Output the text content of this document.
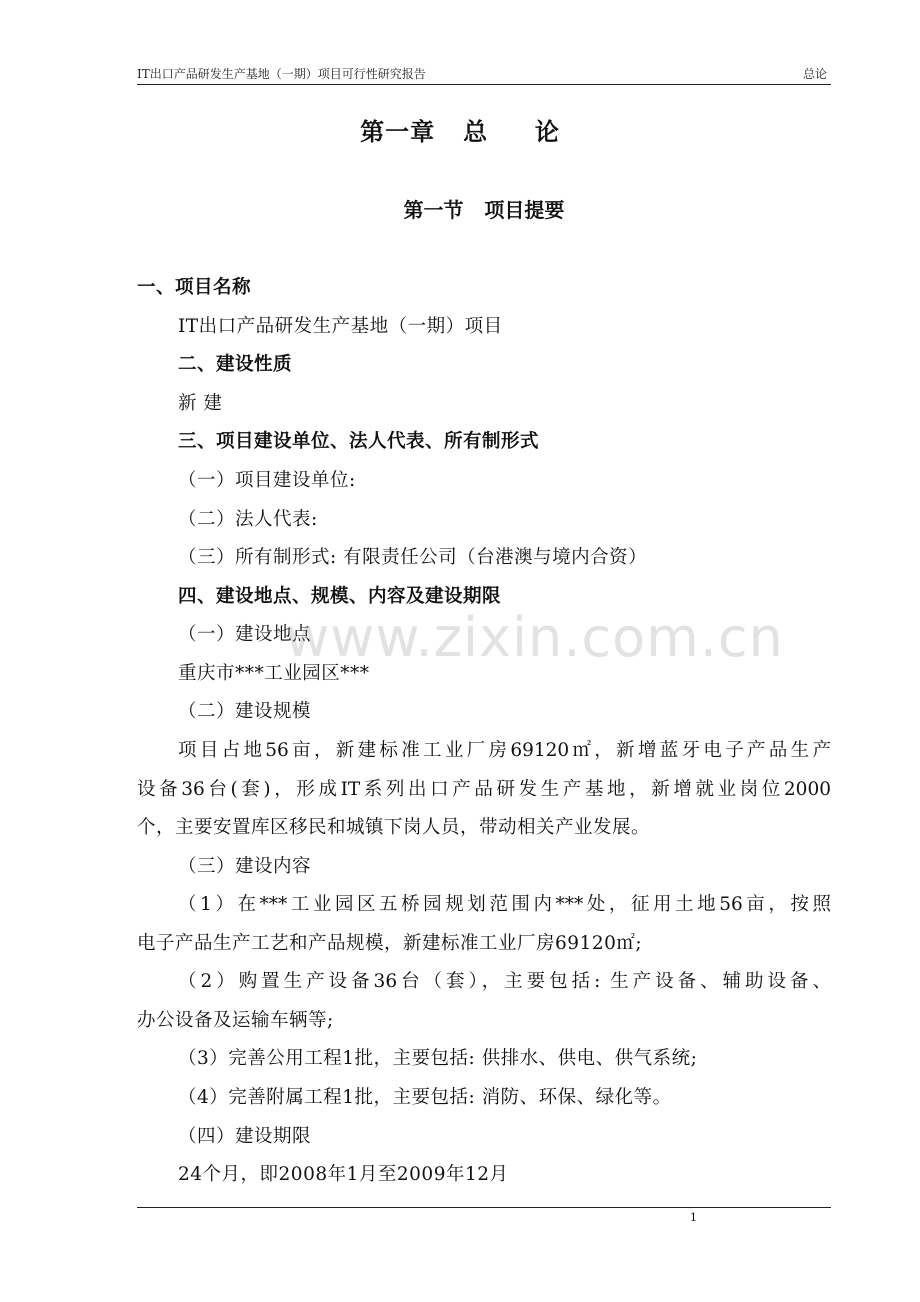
IT出口产品研发生产基地（一期）项目可行性研究报告	总论
第一章   总     论
第一节   项目提要
一、项目名称
IT出口产品研发生产基地（一期）项目
二、建设性质
新 建
三、项目建设单位、法人代表、所有制形式
（一）项目建设单位:
（二）法人代表:
（三）所有制形式: 有限责任公司（台港澳与境内合资）
四、建设地点、规模、内容及建设期限
（一）建设地点
重庆市***工业园区***
（二）建设规模
项目占地56亩，新建标准工业厂房69120㎡，新增蓝牙电子产品生产
设备36台(套)，形成IT系列出口产品研发生产基地，新增就业岗位2000
个，主要安置库区移民和城镇下岗人员，带动相关产业发展。
（三）建设内容
（1）在***工业园区五桥园规划范围内***处，征用土地56亩，按照
电子产品生产工艺和产品规模，新建标准工业厂房69120㎡;
（2）购置生产设备36台（套），主要包括: 生产设备、辅助设备、
办公设备及运输车辆等;
（3）完善公用工程1批，主要包括: 供排水、供电、供气系统;
（4）完善附属工程1批，主要包括: 消防、环保、绿化等。
（四）建设期限
24个月，即2008年1月至2009年12月
www.zixin.com.cn
1
